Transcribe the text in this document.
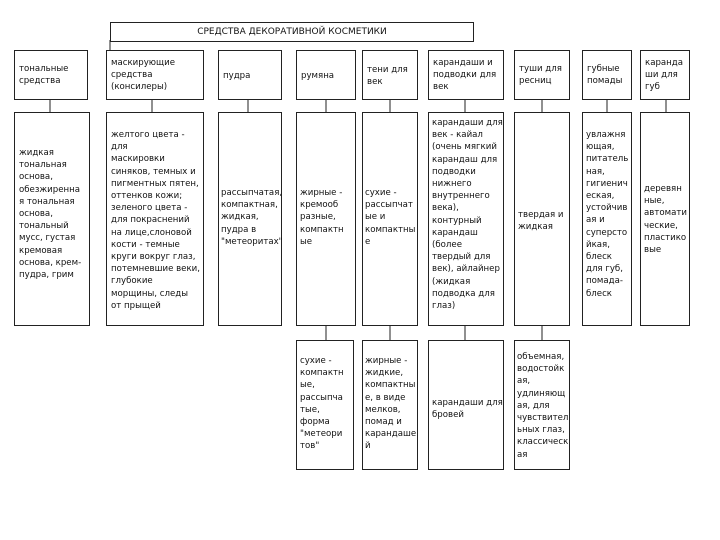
СРЕДСТВА ДЕКОРАТИВНОЙ КОСМЕТИКИ
тональные
средства
маскирующие
средства
(консилеры)
пудра	румяна
тени для
век
карандаши и
подводки для
век
туши для
ресниц
губные
помады
каранда
ши для
губ
жидкая
тональная
основа,
обезжиренна
я тональная
основа,
тональный
мусс, густая
кремовая
основа, крем-
пудра, грим
желтого цвета - для
маскировки
синяков, темных и
пигментных пятен,
оттенков кожи;
зеленого цвета -
для покраснений
на лице,слоновой
кости - темные
круги вокруг глаз,
потемневшие веки,
глубокие
морщины, следы
от прыщей
рассыпчатая,
компактная,
жидкая,
пудра в
"метеоритах"
жирные -
кремооб
разные,
компактн
ые
сухие -
рассыпчат
ые и
компактны
е
карандаши для
век - кайал
(очень мягкий
карандаш для
подводки
нижнего
внутреннего
века),
контурный
карандаш
(более
твердый для
век), айлайнер
(жидкая
подводка для
глаз)
твердая и
жидкая
увлажня
ющая,
питатель
ная,
гигиенич
еская,
устойчив
ая и
суперсто
йкая,
блеск
для губ,
помада-
блеск
деревян
ные,
автомати
ческие,
пластико
вые
сухие -
компактн
ые,
рассыпча
тые,
форма
"метеори
тов"
жирные -
жидкие,
компактны
е, в виде
мелков,
помад и
карандаше
й
карандаши для
бровей
объемная,
водостойк
ая,
удлиняющ
ая, для
чувствител
ьных глаз,
классическ
ая
